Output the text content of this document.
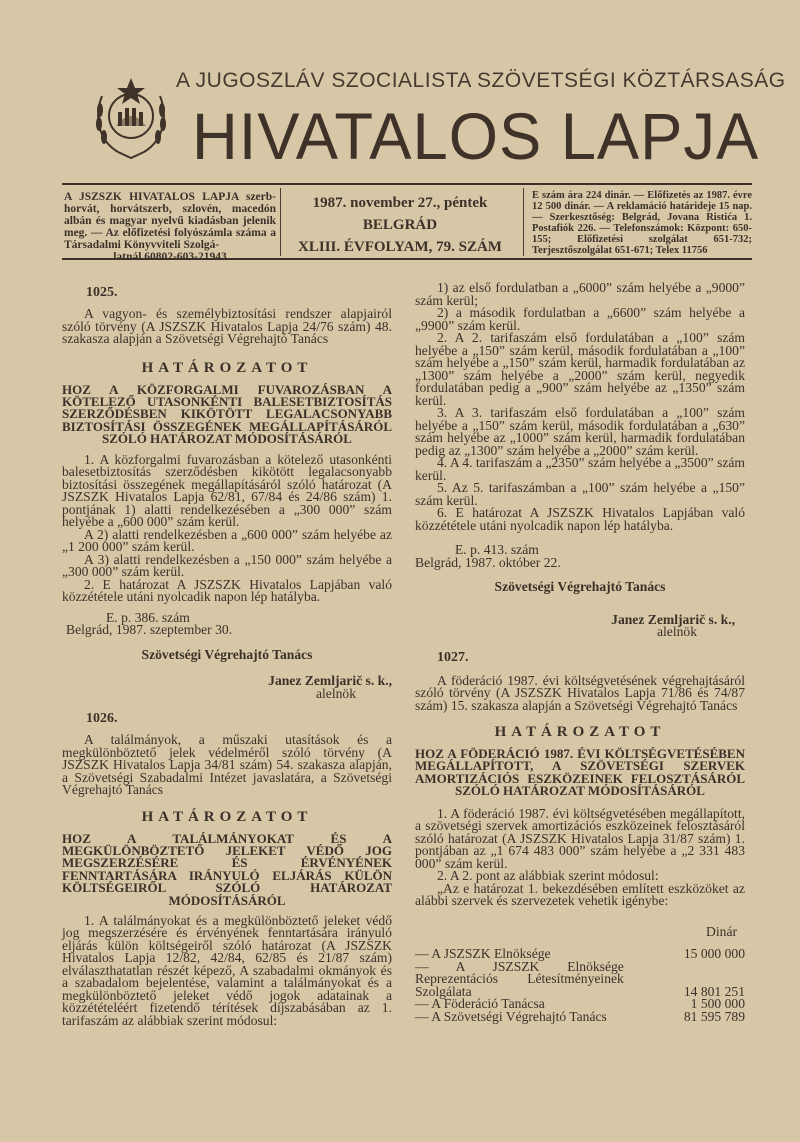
A JUGOSZLÁV SZOCIALISTA SZÖVETSÉGI KÖZTÁRSASÁG
HIVATALOS LAPJA
A JSZSZK HIVATALOS LAPJA szerb-horvát, horvátszerb, szlovén, macedón albán és magyar nyelvű kiadásban jelenik meg. — Az előfizetési folyószámla száma a Társadalmi Könyvviteli Szolgá-
latnál 60802-603-21943
1987. november 27., péntek
BELGRÁD
XLIII. ÉVFOLYAM, 79. SZÁM
E szám ára 224 dinár. — Előfizetés az 1987. évre 12 500 dinár. — A reklamáció határideje 15 nap. — Szerkesztőség: Belgrád, Jovana Ristića 1. Postafiók 226. — Telefonszámok: Központ: 650-155; Előfizetési szolgálat 651-732; Terjesztőszolgálat 651-671; Telex 11756
1025.

A vagyon- és személybiztosítási rendszer alapjairól szóló törvény (A JSZSZK Hivatalos Lapja 24/76 szám) 48. szakasza alapján a Szövetségi Végrehajtó Tanács

HATÁROZATOT
HOZ A KÖZFORGALMI FUVAROZÁSBAN A KÖTELEZŐ UTASONKÉNTI BALESETBIZTOSÍTÁS SZERZŐDÉSBEN KIKÖTÖTT LEGALACSONYABB BIZTOSÍTÁSI ÖSSZEGÉNEK MEGÁLLAPÍTÁSÁRÓL SZÓLÓ HATÁROZAT MÓDOSÍTÁSÁRÓL

1. A közforgalmi fuvarozásban a kötelező utasonkénti balesetbiztosítás szerződésben kikötött legalacsonyabb biztosítási összegének megállapításáról szóló határozat (A JSZSZK Hivatalos Lapja 62/81, 67/84 és 24/86 szám) 1. pontjának 1) alatti rendelkezésében a „300 000” szám helyébe a „600 000” szám kerül.

A 2) alatti rendelkezésben a „600 000” szám helyébe az „1 200 000” szám kerül.

A 3) alatti rendelkezésben a „150 000” szám helyébe a „300 000” szám kerül.

2. E határozat A JSZSZK Hivatalos Lapjában való közzététele utáni nyolcadik napon lép hatályba.

E. p. 386. szám
Belgrád, 1987. szeptember 30.
Szövetségi Végrehajtó Tanács
Janez Zemljarič s. k.,
alelnök
1026.

A találmányok, a műszaki utasítások és a megkülönböztető jelek védelméről szóló törvény (A JSZSZK Hivatalos Lapja 34/81 szám) 54. szakasza alapján, a Szövetségi Szabadalmi Intézet javaslatára, a Szövetségi Végrehajtó Tanács

HATÁROZATOT
HOZ A TALÁLMÁNYOKAT ÉS A MEGKÜLÖNBÖZTETŐ JELEKET VÉDŐ JOG MEGSZERZÉSÉRE ÉS ÉRVÉNYÉNEK FENNTARTÁSÁRA IRÁNYULÓ ELJÁRÁS KÜLÖN KÖLTSÉGEIRŐL SZÓLÓ HATÁROZAT MÓDOSÍTÁSÁRÓL

1. A találmányokat és a megkülönböztető jeleket védő jog megszerzésére és érvényének fenntartására irányuló eljárás külön költségeiről szóló határozat (A JSZSZK Hivatalos Lapja 12/82, 42/84, 62/85 és 21/87 szám) elválaszthatatlan részét képező, A szabadalmi okmányok és a szabadalom bejelentése, valamint a találmányokat és a megkülönböztető jeleket védő jogok adatainak a közzétételéért fizetendő térítések díjszabásában az 1. tarifaszám az alábbiak szerint módosul:

1) az első fordulatban a „6000” szám helyébe a „9000” szám kerül;

2) a második fordulatban a „6600” szám helyébe a „9900” szám kerül.

2. A 2. tarifaszám első fordulatában a „100” szám helyébe a „150” szám kerül, második fordulatában a „100” szám helyébe a „150” szám kerül, harmadik fordulatában az „1300” szám helyébe a „2000” szám kerül, negyedik fordulatában pedig a „900” szám helyébe az „1350” szám kerül.

3. A 3. tarifaszám első fordulatában a „100” szám helyébe a „150” szám kerül, második fordulatában a „630” szám helyébe az „1000” szám kerül, harmadik fordulatában pedig az „1300” szám helyébe a „2000” szám kerül.

4. A 4. tarifaszám a „2350” szám helyébe a „3500” szám kerül.

5. Az 5. tarifaszámban a „100” szám helyébe a „150” szám kerül.

6. E határozat A JSZSZK Hivatalos Lapjában való közzététele utáni nyolcadik napon lép hatályba.

E. p. 413. szám
Belgrád, 1987. október 22.
Szövetségi Végrehajtó Tanács
Janez Zemljarič s. k.,
alelnök
1027.

A föderáció 1987. évi költségvetésének végrehajtásáról szóló törvény (A JSZSZK Hivatalos Lapja 71/86 és 74/87 szám) 15. szakasza alapján a Szövetségi Végrehajtó Tanács

HATÁROZATOT
HOZ A FÖDERÁCIÓ 1987. ÉVI KÖLTSÉGVETÉSÉBEN MEGÁLLAPÍTOTT, A SZÖVETSÉGI SZERVEK AMORTIZÁCIÓS ESZKÖZEINEK FELOSZTÁSÁRÓL SZÓLÓ HATÁROZAT MÓDOSÍTÁSÁRÓL

1. A föderáció 1987. évi költségvetésében megállapított, a szövetségi szervek amortizációs eszközeinek felosztásáról szóló határozat (A JSZSZK Hivatalos Lapja 31/87 szám) 1. pontjában az „1 674 483 000” szám helyébe a „2 331 483 000” szám kerül.

2. A 2. pont az alábbiak szerint módosul:

„Az e határozat 1. bekezdésében említett eszközöket az alábbi szervek és szervezetek vehetik igénybe:

Dinár
— A JSZSZK Elnöksége	15 000 000
— A JSZSZK Elnöksége Reprezentációs Létesítményeinek Szolgálata	14 801 251
— A Föderáció Tanácsa	1 500 000
— A Szövetségi Végrehajtó Tanács	81 595 789
